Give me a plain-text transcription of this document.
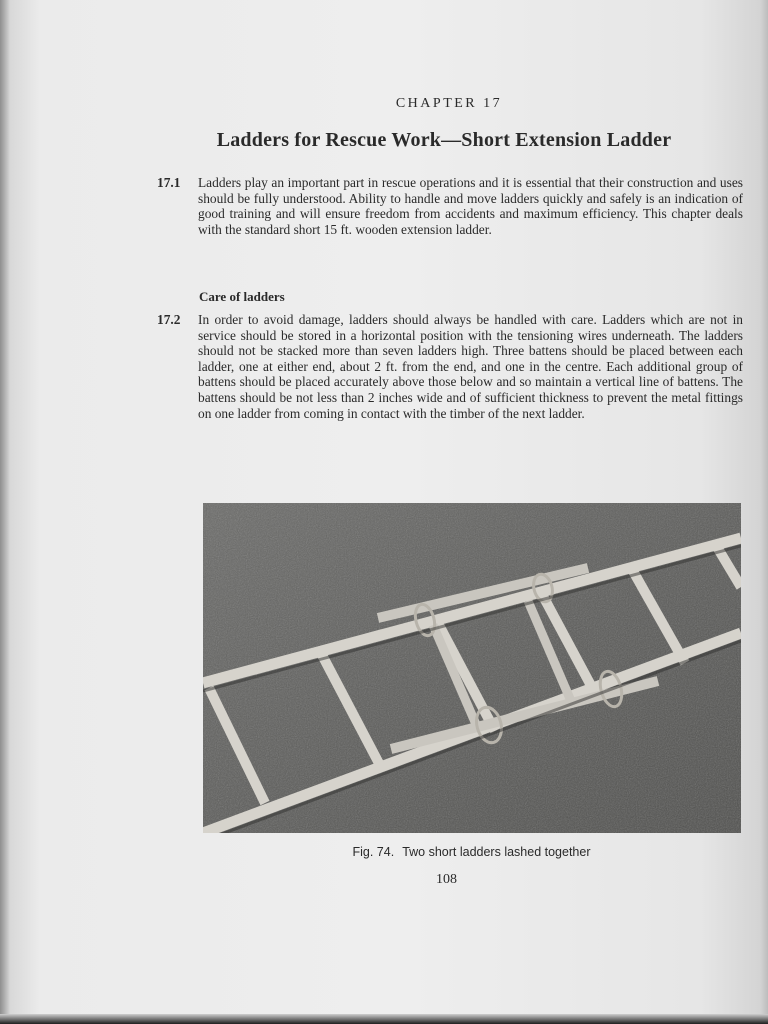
CHAPTER 17
Ladders for Rescue Work—Short Extension Ladder
17.1 Ladders play an important part in rescue operations and it is essential that their construction and uses should be fully understood. Ability to handle and move ladders quickly and safely is an indication of good training and will ensure freedom from accidents and maximum efficiency. This chapter deals with the standard short 15 ft. wooden extension ladder.
Care of ladders
17.2 In order to avoid damage, ladders should always be handled with care. Ladders which are not in service should be stored in a horizontal position with the tensioning wires underneath. The ladders should not be stacked more than seven ladders high. Three battens should be placed between each ladder, one at either end, about 2 ft. from the end, and one in the centre. Each additional group of battens should be placed accurately above those below and so maintain a vertical line of battens. The battens should be not less than 2 inches wide and of sufficient thickness to prevent the metal fittings on one ladder from coming in contact with the timber of the next ladder.
Fig. 74. Two short ladders lashed together
108
